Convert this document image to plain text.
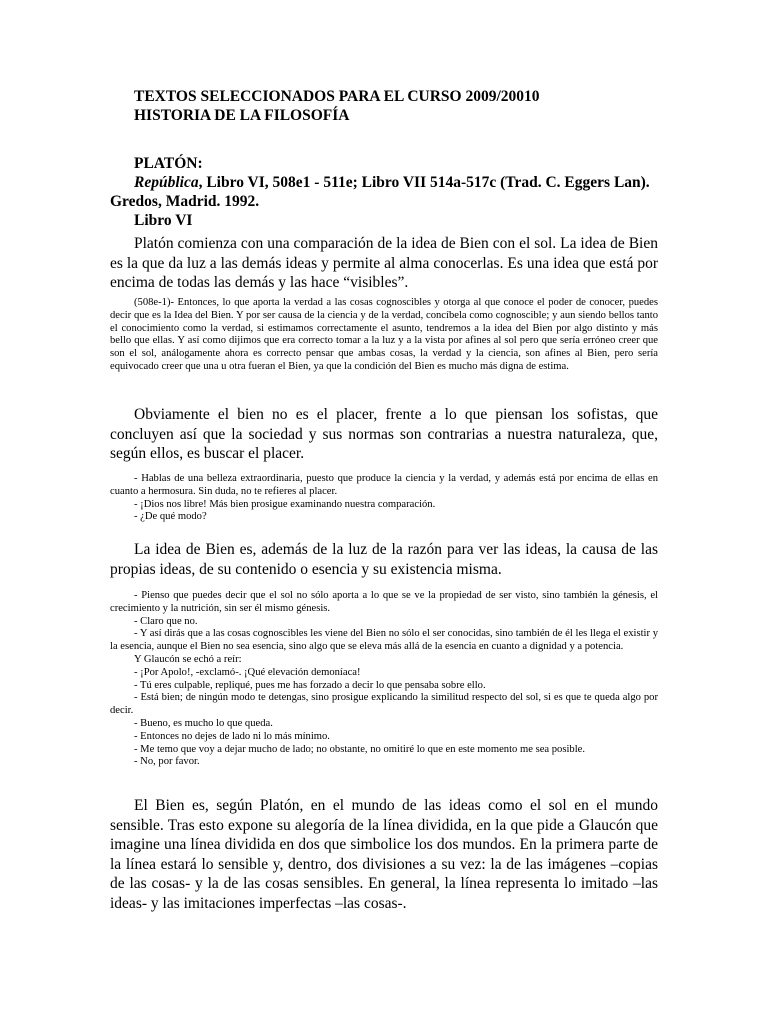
TEXTOS SELECCIONADOS PARA EL CURSO 2009/20010
HISTORIA DE LA FILOSOFÍA
PLATÓN:
República, Libro VI, 508e1 - 511e; Libro VII 514a-517c (Trad. C. Eggers Lan).
Gredos, Madrid. 1992.
Libro VI

Platón comienza con una comparación de la idea de Bien con el sol. La idea de Bien es la que da luz a las demás ideas y permite al alma conocerlas. Es una idea que está por encima de todas las demás y las hace “visibles”.

(508e-1)- Entonces, lo que aporta la verdad a las cosas cognoscibles y otorga al que conoce el poder de conocer, puedes decir que es la Idea del Bien. Y por ser causa de la ciencia y de la verdad, concíbela como cognoscible; y aun siendo bellos tanto el conocimiento como la verdad, si estimamos correctamente el asunto, tendremos a la idea del Bien por algo distinto y más bello que ellas. Y así como dijimos que era correcto tomar a la luz y a la vista por afines al sol pero que sería erróneo creer que son el sol, análogamente ahora es correcto pensar que ambas cosas, la verdad y la ciencia, son afines al Bien, pero sería equivocado creer que una u otra fueran el Bien, ya que la condición del Bien es mucho más digna de estima.

Obviamente el bien no es el placer, frente a lo que piensan los sofistas, que concluyen así que la sociedad y sus normas son contrarias a nuestra naturaleza, que, según ellos, es buscar el placer.

- Hablas de una belleza extraordinaria, puesto que produce la ciencia y la verdad, y además está por encima de ellas en cuanto a hermosura. Sin duda, no te refieres al placer.

- ¡Dios nos libre! Más bien prosigue examinando nuestra comparación.

- ¿De qué modo?

La idea de Bien es, además de la luz de la razón para ver las ideas, la causa de las propias ideas, de su contenido o esencia y su existencia misma.

- Pienso que puedes decir que el sol no sólo aporta a lo que se ve la propiedad de ser visto, sino también la génesis, el crecimiento y la nutrición, sin ser él mismo génesis.

- Claro que no.

- Y así dirás que a las cosas cognoscibles les viene del Bien no sólo el ser conocidas, sino también de él les llega el existir y la esencia, aunque el Bien no sea esencia, sino algo que se eleva más allá de la esencia en cuanto a dignidad y a potencia.

Y Glaucón se echó a reír:

- ¡Por Apolo!, -exclamó-. ¡Qué elevación demoníaca!

- Tú eres culpable, repliqué, pues me has forzado a decir lo que pensaba sobre ello.

- Está bien; de ningún modo te detengas, sino prosigue explicando la similitud respecto del sol, si es que te queda algo por decir.

- Bueno, es mucho lo que queda.

- Entonces no dejes de lado ni lo más mínimo.

- Me temo que voy a dejar mucho de lado; no obstante, no omitiré lo que en este momento me sea posible.

- No, por favor.

El Bien es, según Platón, en el mundo de las ideas como el sol en el mundo sensible. Tras esto expone su alegoría de la línea dividida, en la que pide a Glaucón que imagine una línea dividida en dos que simbolice los dos mundos. En la primera parte de la línea estará lo sensible y, dentro, dos divisiones a su vez: la de las imágenes –copias de las cosas- y la de las cosas sensibles. En general, la línea representa lo imitado –las ideas- y las imitaciones imperfectas –las cosas-.
